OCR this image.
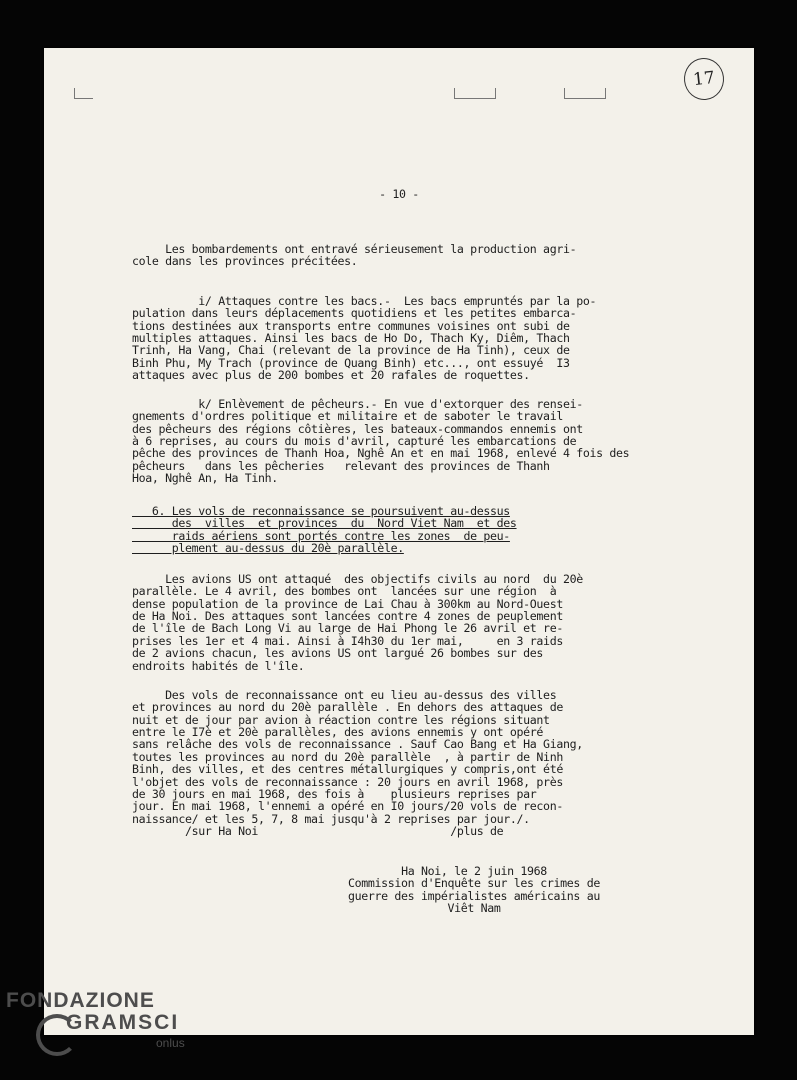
17
- 10 -

Les bombardements ont entravé sérieusement la production agri-
cole dans les provinces précitées.

i/ Attaques contre les bacs.-  Les bacs empruntés par la po-
pulation dans leurs déplacements quotidiens et les petites embarca-
tions destinées aux transports entre communes voisines ont subi de
multiples attaques. Ainsi les bacs de Ho Do, Thach Ky, Diêm, Thach
Trinh, Ha Vang, Chai (relevant de la province de Ha Tinh), ceux de
Binh Phu, My Trach (province de Quang Binh) etc..., ont essuyé  I3
attaques avec plus de 200 bombes et 20 rafales de roquettes.

k/ Enlèvement de pêcheurs.- En vue d'extorquer des rensei-
gnements d'ordres politique et militaire et de saboter le travail
des pêcheurs des régions côtières, les bateaux-commandos ennemis ont
à 6 reprises, au cours du mois d'avril, capturé les embarcations de
pêche des provinces de Thanh Hoa, Nghê An et en mai 1968, enlevé 4 fois des
pêcheurs   dans les pêcheries   relevant des provinces de Thanh
Hoa, Nghê An, Ha Tinh.

6. Les vols de reconnaissance se poursuivent au-dessus
des  villes  et provinces  du  Nord Viet Nam  et des
raids aériens sont portés contre les zones  de peu-
plement au-dessus du 20è parallèle.

Les avions US ont attaqué  des objectifs civils au nord  du 20è
parallèle. Le 4 avril, des bombes ont  lancées sur une région  à
dense population de la province de Lai Chau à 300km au Nord-Ouest
de Ha Noi. Des attaques sont lancées contre 4 zones de peuplement
de l'île de Bach Long Vi au large de Hai Phong le 26 avril et re-
prises les 1er et 4 mai. Ainsi à I4h30 du 1er mai,     en 3 raids
de 2 avions chacun, les avions US ont largué 26 bombes sur des
endroits habités de l'île.

Des vols de reconnaissance ont eu lieu au-dessus des villes
et provinces au nord du 20è parallèle . En dehors des attaques de
nuit et de jour par avion à réaction contre les régions situant
entre le I7è et 20è parallèles, des avions ennemis y ont opéré
sans relâche des vols de reconnaissance . Sauf Cao Bang et Ha Giang,
toutes les provinces au nord du 20è parallèle  , à partir de Ninh
Binh, des villes, et des centres métallurgiques y compris,ont été
l'objet des vols de reconnaissance : 20 jours en avril 1968, près
de 30 jours en mai 1968, des fois à    plusieurs reprises par
jour. En mai 1968, l'ennemi a opéré en I0 jours/20 vols de recon-
naissance/ et les 5, 7, 8 mai jusqu'à 2 reprises par jour./.
/sur Ha Noi                             /plus de

Ha Noi, le 2 juin 1968
Commission d'Enquête sur les crimes de
guerre des impérialistes américains au
Viêt Nam

FONDAZIONE
GRAMSCI
onlus
